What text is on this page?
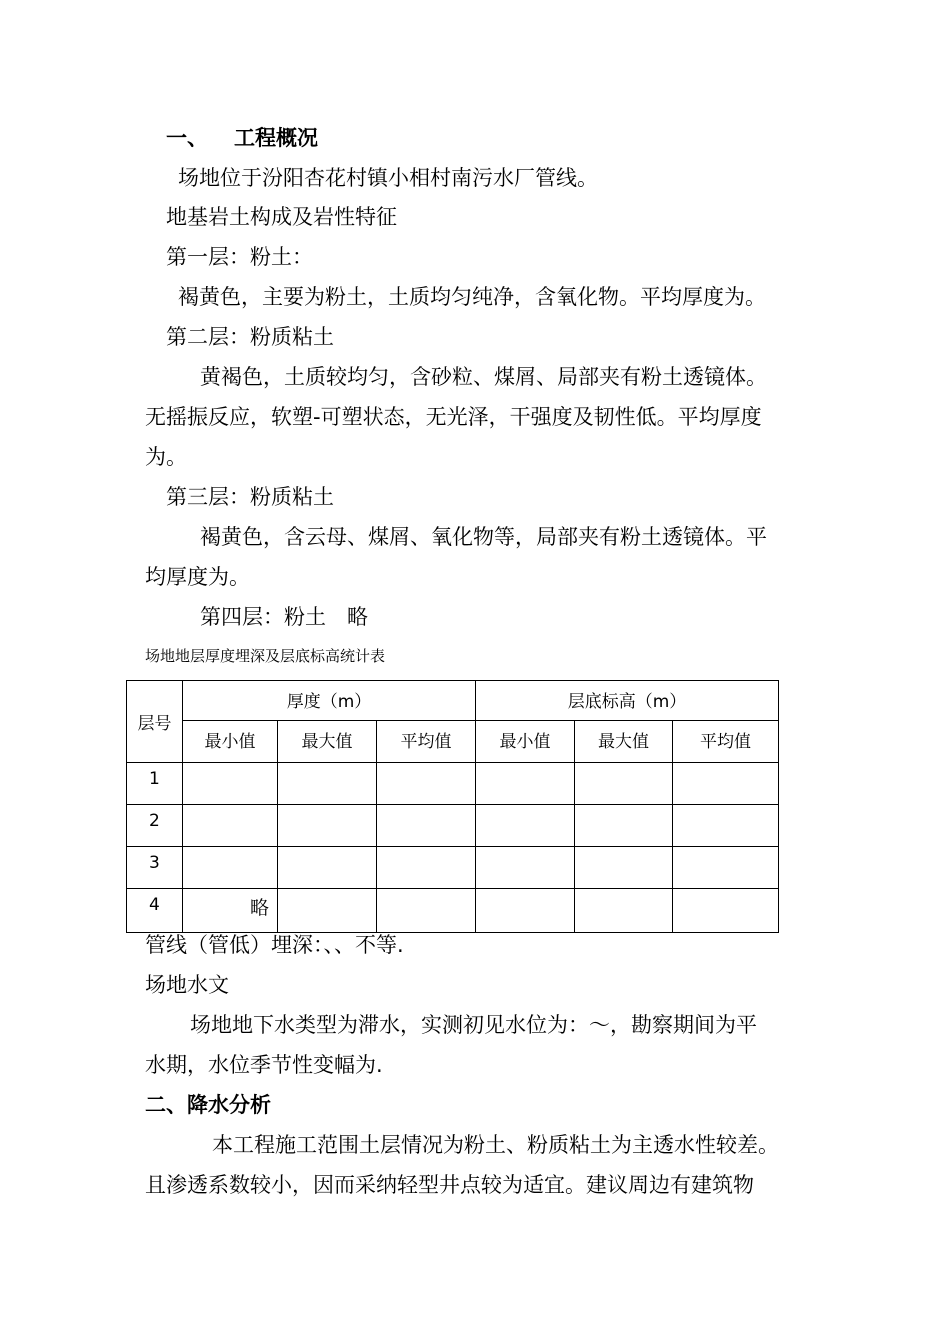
一、 工程概况
场地位于汾阳杏花村镇小相村南污水厂管线。
地基岩土构成及岩性特征
第一层：粉土：
褐黄色，主要为粉土，土质均匀纯净，含氧化物。平均厚度为。
第二层：粉质粘土
黄褐色，土质较均匀，含砂粒、煤屑、局部夹有粉土透镜体。
无摇振反应，软塑-可塑状态，无光泽，干强度及韧性低。平均厚度
为。
第三层：粉质粘土
褐黄色，含云母、煤屑、氧化物等，局部夹有粉土透镜体。平
均厚度为。
第四层：粉土　略
场地地层厚度埋深及层底标高统计表
层号	厚度（m）			层底标高（m）		
	最小值	最大值	平均值	最小值	最大值	平均值
1						
2						
3						
4	略					
管线（管低）埋深：、、不等.
场地水文
场地地下水类型为滞水，实测初见水位为：～，勘察期间为平
水期，水位季节性变幅为.
二、降水分析
本工程施工范围土层情况为粉土、粉质粘土为主透水性较差。
且渗透系数较小，因而采纳轻型井点较为适宜。建议周边有建筑物
